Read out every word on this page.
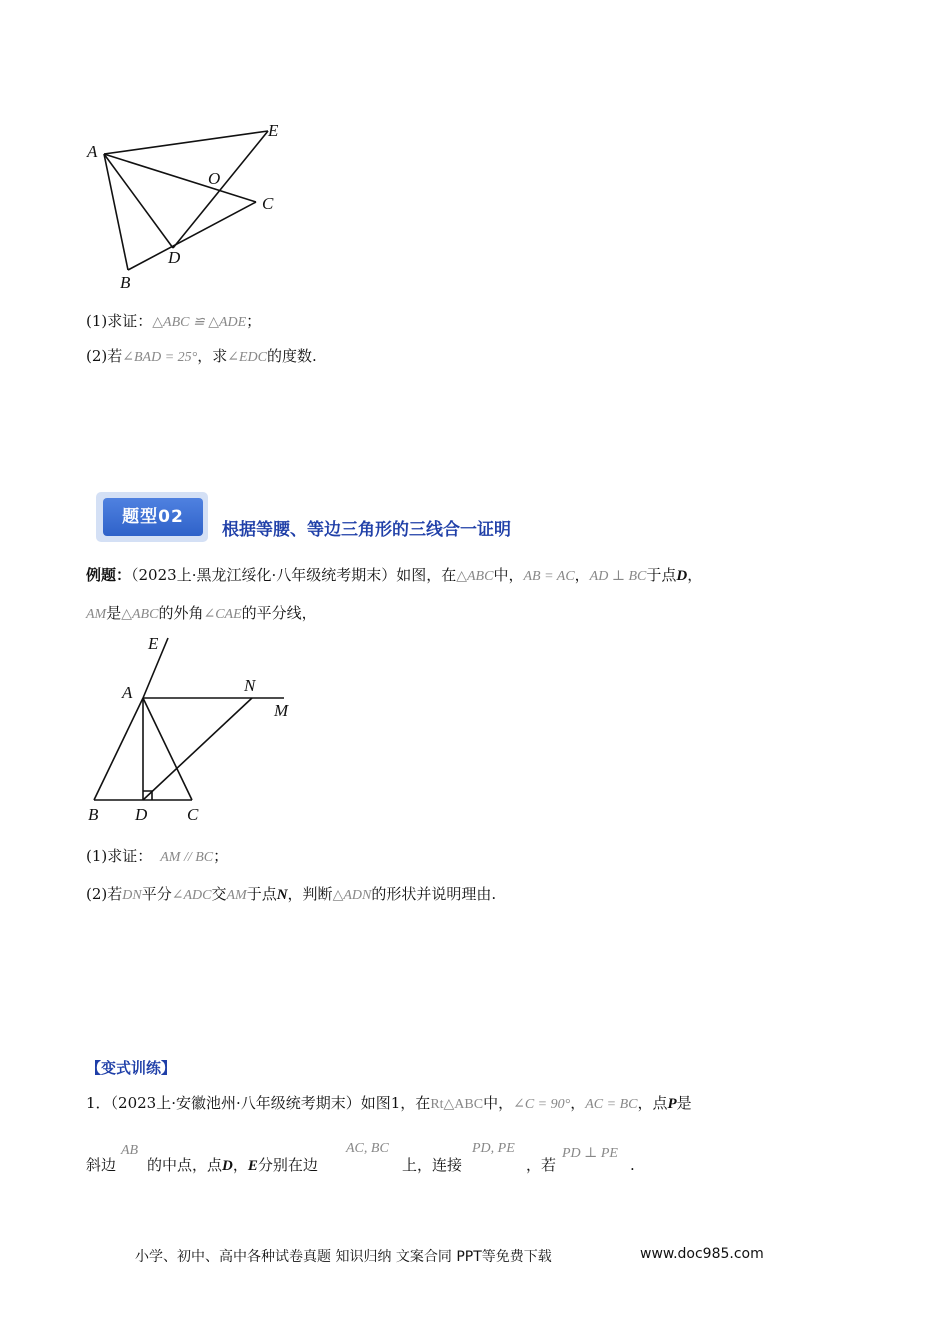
A
E
O
C
D
B
(1)求证：△ABC ≌ △ADE；
(2)若∠BAD = 25°，求∠EDC的度数.
题型02
根据等腰、等边三角形的三线合一证明
例题：（2023上·黑龙江绥化·八年级统考期末）如图，在△ABC中，AB = AC，AD ⊥ BC于点D，
AM是△ABC的外角∠CAE的平分线，
E
A	N
M
B D C
(1)求证： AM // BC；
(2)若DN平分∠ADC交AM于点N，判断△ADN的形状并说明理由.
【变式训练】
1．（2023上·安徽池州·八年级统考期末）如图1，在Rt△ABC中，∠C = 90°，AC = BC，点P是
斜边
AB
的中点，点D，E分别在边
AC, BC
上，连接
PD, PE
，若
PD ⊥ PE
.
小学、初中、高中各种试卷真题 知识归纳 文案合同 PPT等免费下载	www.doc985.com
